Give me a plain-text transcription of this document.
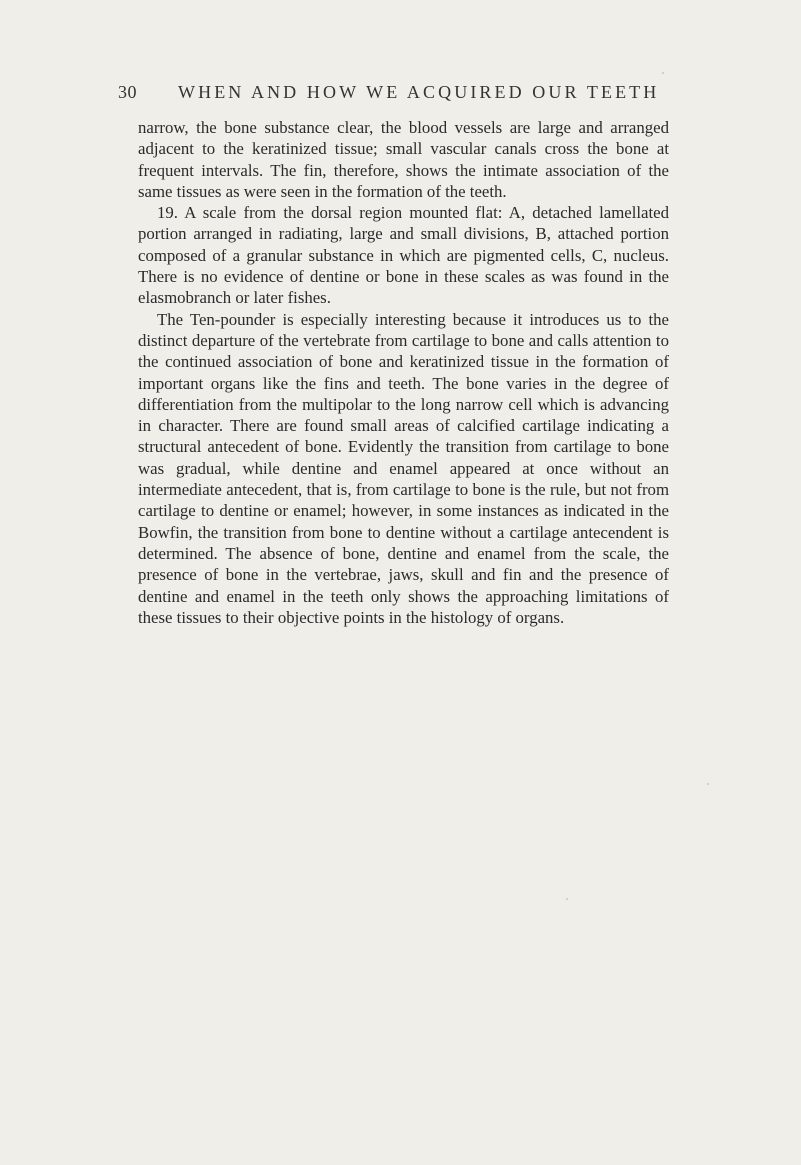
30 WHEN AND HOW WE ACQUIRED OUR TEETH

narrow, the bone substance clear, the blood vessels are large and arranged adjacent to the keratinized tissue; small vascular canals cross the bone at frequent intervals. The fin, therefore, shows the intimate association of the same tissues as were seen in the formation of the teeth.

19. A scale from the dorsal region mounted flat: A, detached lamellated portion arranged in radiating, large and small divisions, B, attached portion composed of a granular substance in which are pigmented cells, C, nucleus. There is no evidence of dentine or bone in these scales as was found in the elasmobranch or later fishes.

The Ten-pounder is especially interesting because it introduces us to the distinct departure of the vertebrate from cartilage to bone and calls attention to the continued association of bone and keratinized tissue in the formation of important organs like the fins and teeth. The bone varies in the degree of differentiation from the multipolar to the long narrow cell which is advancing in character. There are found small areas of calcified cartilage indicating a structural antecedent of bone. Evidently the transition from cartilage to bone was gradual, while dentine and enamel appeared at once without an intermediate antecedent, that is, from cartilage to bone is the rule, but not from cartilage to dentine or enamel; however, in some instances as indicated in the Bowfin, the transition from bone to dentine without a cartilage antecendent is determined. The absence of bone, dentine and enamel from the scale, the presence of bone in the vertebrae, jaws, skull and fin and the presence of dentine and enamel in the teeth only shows the approaching limitations of these tissues to their objective points in the histology of organs.
